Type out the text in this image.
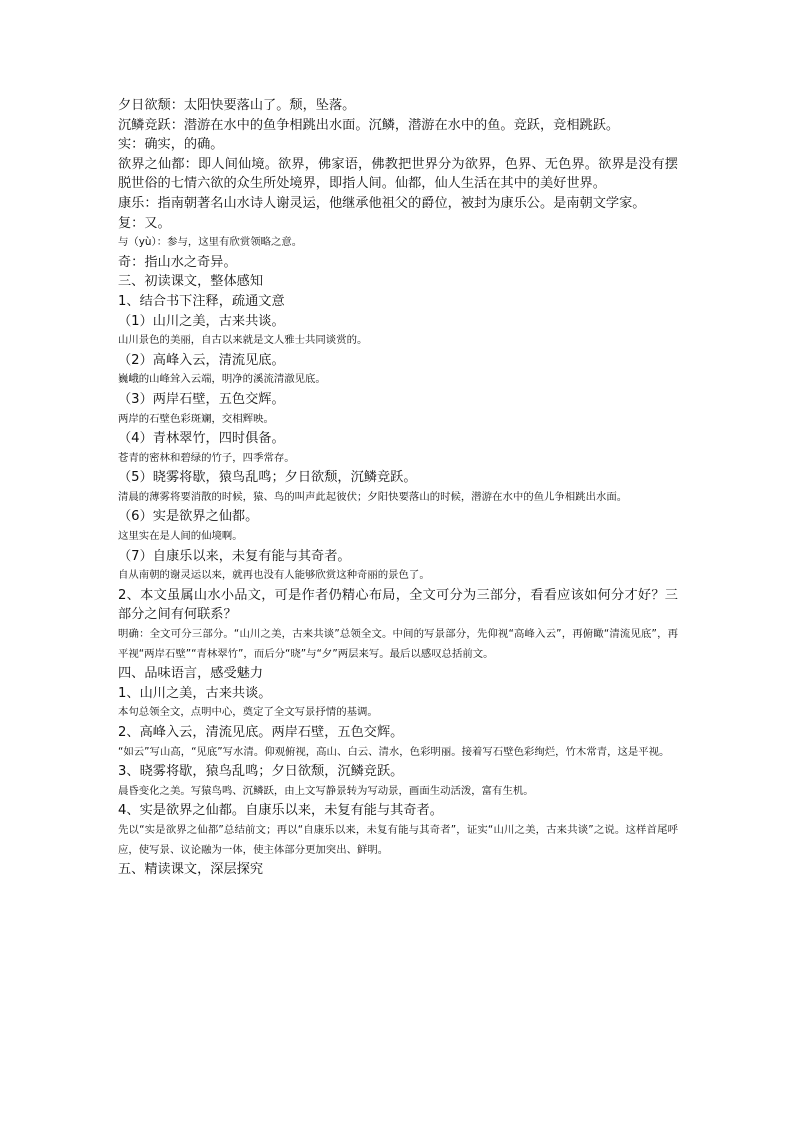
夕日欲颓：太阳快要落山了。颓，坠落。
沉鳞竞跃：潜游在水中的鱼争相跳出水面。沉鳞，潜游在水中的鱼。竞跃，竞相跳跃。
实：确实，的确。
欲界之仙都：即人间仙境。欲界，佛家语，佛教把世界分为欲界，色界、无色界。欲界是没有摆脱世俗的七情六欲的众生所处境界，即指人间。仙都，仙人生活在其中的美好世界。
康乐：指南朝著名山水诗人谢灵运，他继承他祖父的爵位，被封为康乐公。是南朝文学家。
复：又。
与（yù）：参与，这里有欣赏领略之意。
奇：指山水之奇异。
三、初读课文，整体感知
1、结合书下注释，疏通文意
（1）山川之美，古来共谈。
山川景色的美丽，自古以来就是文人雅士共同谈赏的。
（2）高峰入云，清流见底。
巍峨的山峰耸入云端，明净的溪流清澈见底。
（3）两岸石壁，五色交辉。
两岸的石壁色彩斑斓，交相辉映。
（4）青林翠竹，四时俱备。
苍青的密林和碧绿的竹子，四季常存。
（5）晓雾将歇，猿鸟乱鸣；夕日欲颓，沉鳞竞跃。
清晨的薄雾将要消散的时候，猿、鸟的叫声此起彼伏；夕阳快要落山的时候，潜游在水中的鱼儿争相跳出水面。
（6）实是欲界之仙都。
这里实在是人间的仙境啊。
（7）自康乐以来，未复有能与其奇者。
自从南朝的谢灵运以来，就再也没有人能够欣赏这种奇丽的景色了。
2、本文虽属山水小品文，可是作者仍精心布局，全文可分为三部分，看看应该如何分才好？三部分之间有何联系？
明确：全文可分三部分。“山川之美，古来共谈”总领全文。中间的写景部分，先仰视“高峰入云”，再俯瞰“清流见底”，再平视“两岸石壁”“青林翠竹”，而后分“晓”与“夕”两层来写。最后以感叹总括前文。
四、品味语言，感受魅力
1、山川之美，古来共谈。
本句总领全文，点明中心，奠定了全文写景抒情的基调。
2、高峰入云，清流见底。两岸石壁，五色交辉。
“如云”写山高，“见底”写水清。仰观俯视，高山、白云、清水，色彩明丽。接着写石壁色彩绚烂，竹木常青，这是平视。
3、晓雾将歇，猿鸟乱鸣；夕日欲颓，沉鳞竞跃。
晨昏变化之美。写猿鸟鸣、沉鳞跃，由上文写静景转为写动景，画面生动活泼，富有生机。
4、实是欲界之仙都。自康乐以来，未复有能与其奇者。
先以“实是欲界之仙都”总结前文；再以“自康乐以来，未复有能与其奇者”，证实“山川之美，古来共谈”之说。这样首尾呼应，使写景、议论融为一体，使主体部分更加突出、鲜明。
五、精读课文，深层探究
